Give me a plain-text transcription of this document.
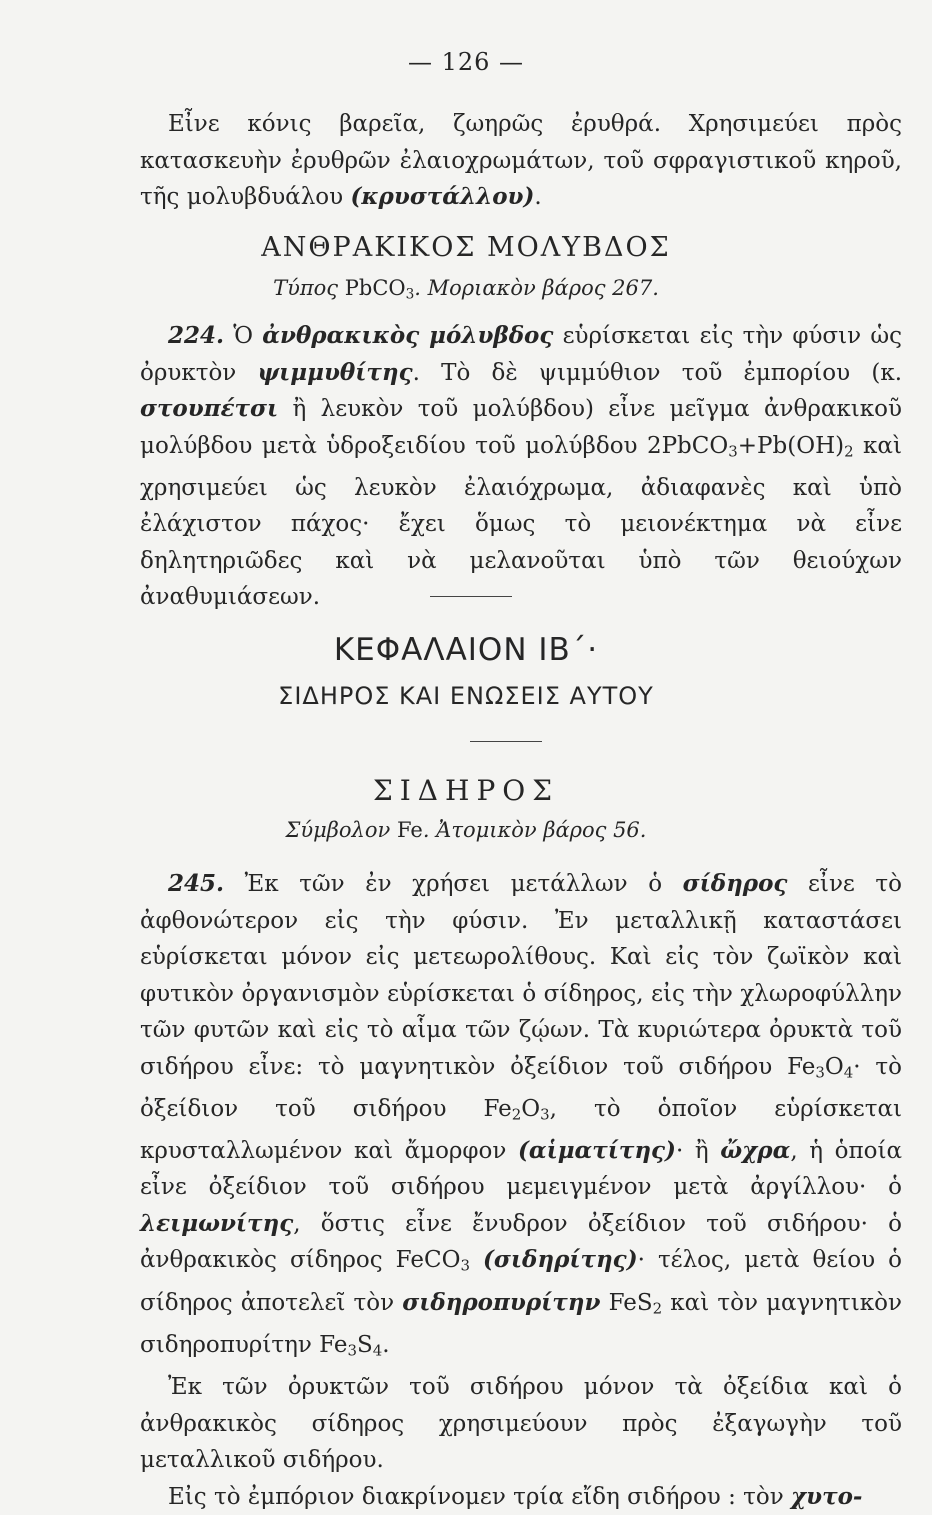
— 126 —

Εἶνε κόνις βαρεῖα, ζωηρῶς ἐρυθρά. Χρησιμεύει πρὸς κατασκευὴν ἐρυθρῶν ἐλαιοχρωμάτων, τοῦ σφραγιστικοῦ κηροῦ, τῆς μολυβδυάλου (κρυστάλλου).

ΑΝΘΡΑΚΙΚΟΣ ΜΟΛΥΒΔΟΣ
Τύπος PbCO$_3$. Μοριακὸν βάρος 267.

224. Ὁ ἀνθρακικὸς μόλυβδος εὑρίσκεται εἰς τὴν φύσιν ὡς ὀρυκτὸν ψιμμυθίτης. Τὸ δὲ ψιμμύθιον τοῦ ἐμπορίου (κ. στουπέτσι ἢ λευκὸν τοῦ μολύβδου) εἶνε μεῖγμα ἀνθρακικοῦ μολύβδου μετὰ ὑδροξειδίου τοῦ μολύβδου $2PbCO_3+Pb(OH)_2$ καὶ χρησιμεύει ὡς λευκὸν ἐλαιόχρωμα, ἀδιαφανὲς καὶ ὑπὸ ἐλάχιστον πάχος· ἔχει ὅμως τὸ μειονέκτημα νὰ εἶνε δηλητηριῶδες καὶ νὰ μελανοῦται ὑπὸ τῶν θειούχων ἀναθυμιάσεων.

ΚΕΦΑΛΑΙΟΝ ΙΒ΄·
ΣΙΔΗΡΟΣ ΚΑΙ ΕΝΩΣΕΙΣ ΑΥΤΟΥ
ΣΙΔΗΡΟΣ
Σύμβολον Fe. Ἀτομικὸν βάρος 56.

245. Ἐκ τῶν ἐν χρήσει μετάλλων ὁ σίδηρος εἶνε τὸ ἀφθονώτερον εἰς τὴν φύσιν. Ἐν μεταλλικῇ καταστάσει εὑρίσκεται μόνον εἰς μετεωρολίθους. Καὶ εἰς τὸν ζωϊκὸν καὶ φυτικὸν ὀργανισμὸν εὑρίσκεται ὁ σίδηρος, εἰς τὴν χλωροφύλλην τῶν φυτῶν καὶ εἰς τὸ αἷμα τῶν ζῴων. Τὰ κυριώτερα ὀρυκτὰ τοῦ σιδήρου εἶνε: τὸ μαγνητικὸν ὀξείδιον τοῦ σιδήρου $Fe_3O_4\cdot$ τὸ ὀξείδιον τοῦ σιδήρου $Fe_2O_3$, τὸ ὁποῖον εὑρίσκεται κρυσταλλωμένον καὶ ἄμορφον (αἱματίτης)· ἢ ὤχρα, ἡ ὁποία εἶνε ὀξείδιον τοῦ σιδήρου μεμειγμένον μετὰ ἀργίλλου· ὁ λειμωνίτης, ὅστις εἶνε ἔνυδρον ὀξείδιον τοῦ σιδήρου· ὁ ἀνθρακικὸς σίδηρος FeCO$_3$ (σιδηρίτης)· τέλος, μετὰ θείου ὁ σίδηρος ἀποτελεῖ τὸν σιδηροπυρίτην FeS$_2$ καὶ τὸν μαγνητικὸν σιδηροπυρίτην $Fe_3S_4$.

Ἐκ τῶν ὀρυκτῶν τοῦ σιδήρου μόνον τὰ ὀξείδια καὶ ὁ ἀνθρακικὸς σίδηρος χρησιμεύουν πρὸς ἐξαγωγὴν τοῦ μεταλλικοῦ σιδήρου.

Εἰς τὸ ἐμπόριον διακρίνομεν τρία εἴδη σιδήρου : τὸν χυτο-
